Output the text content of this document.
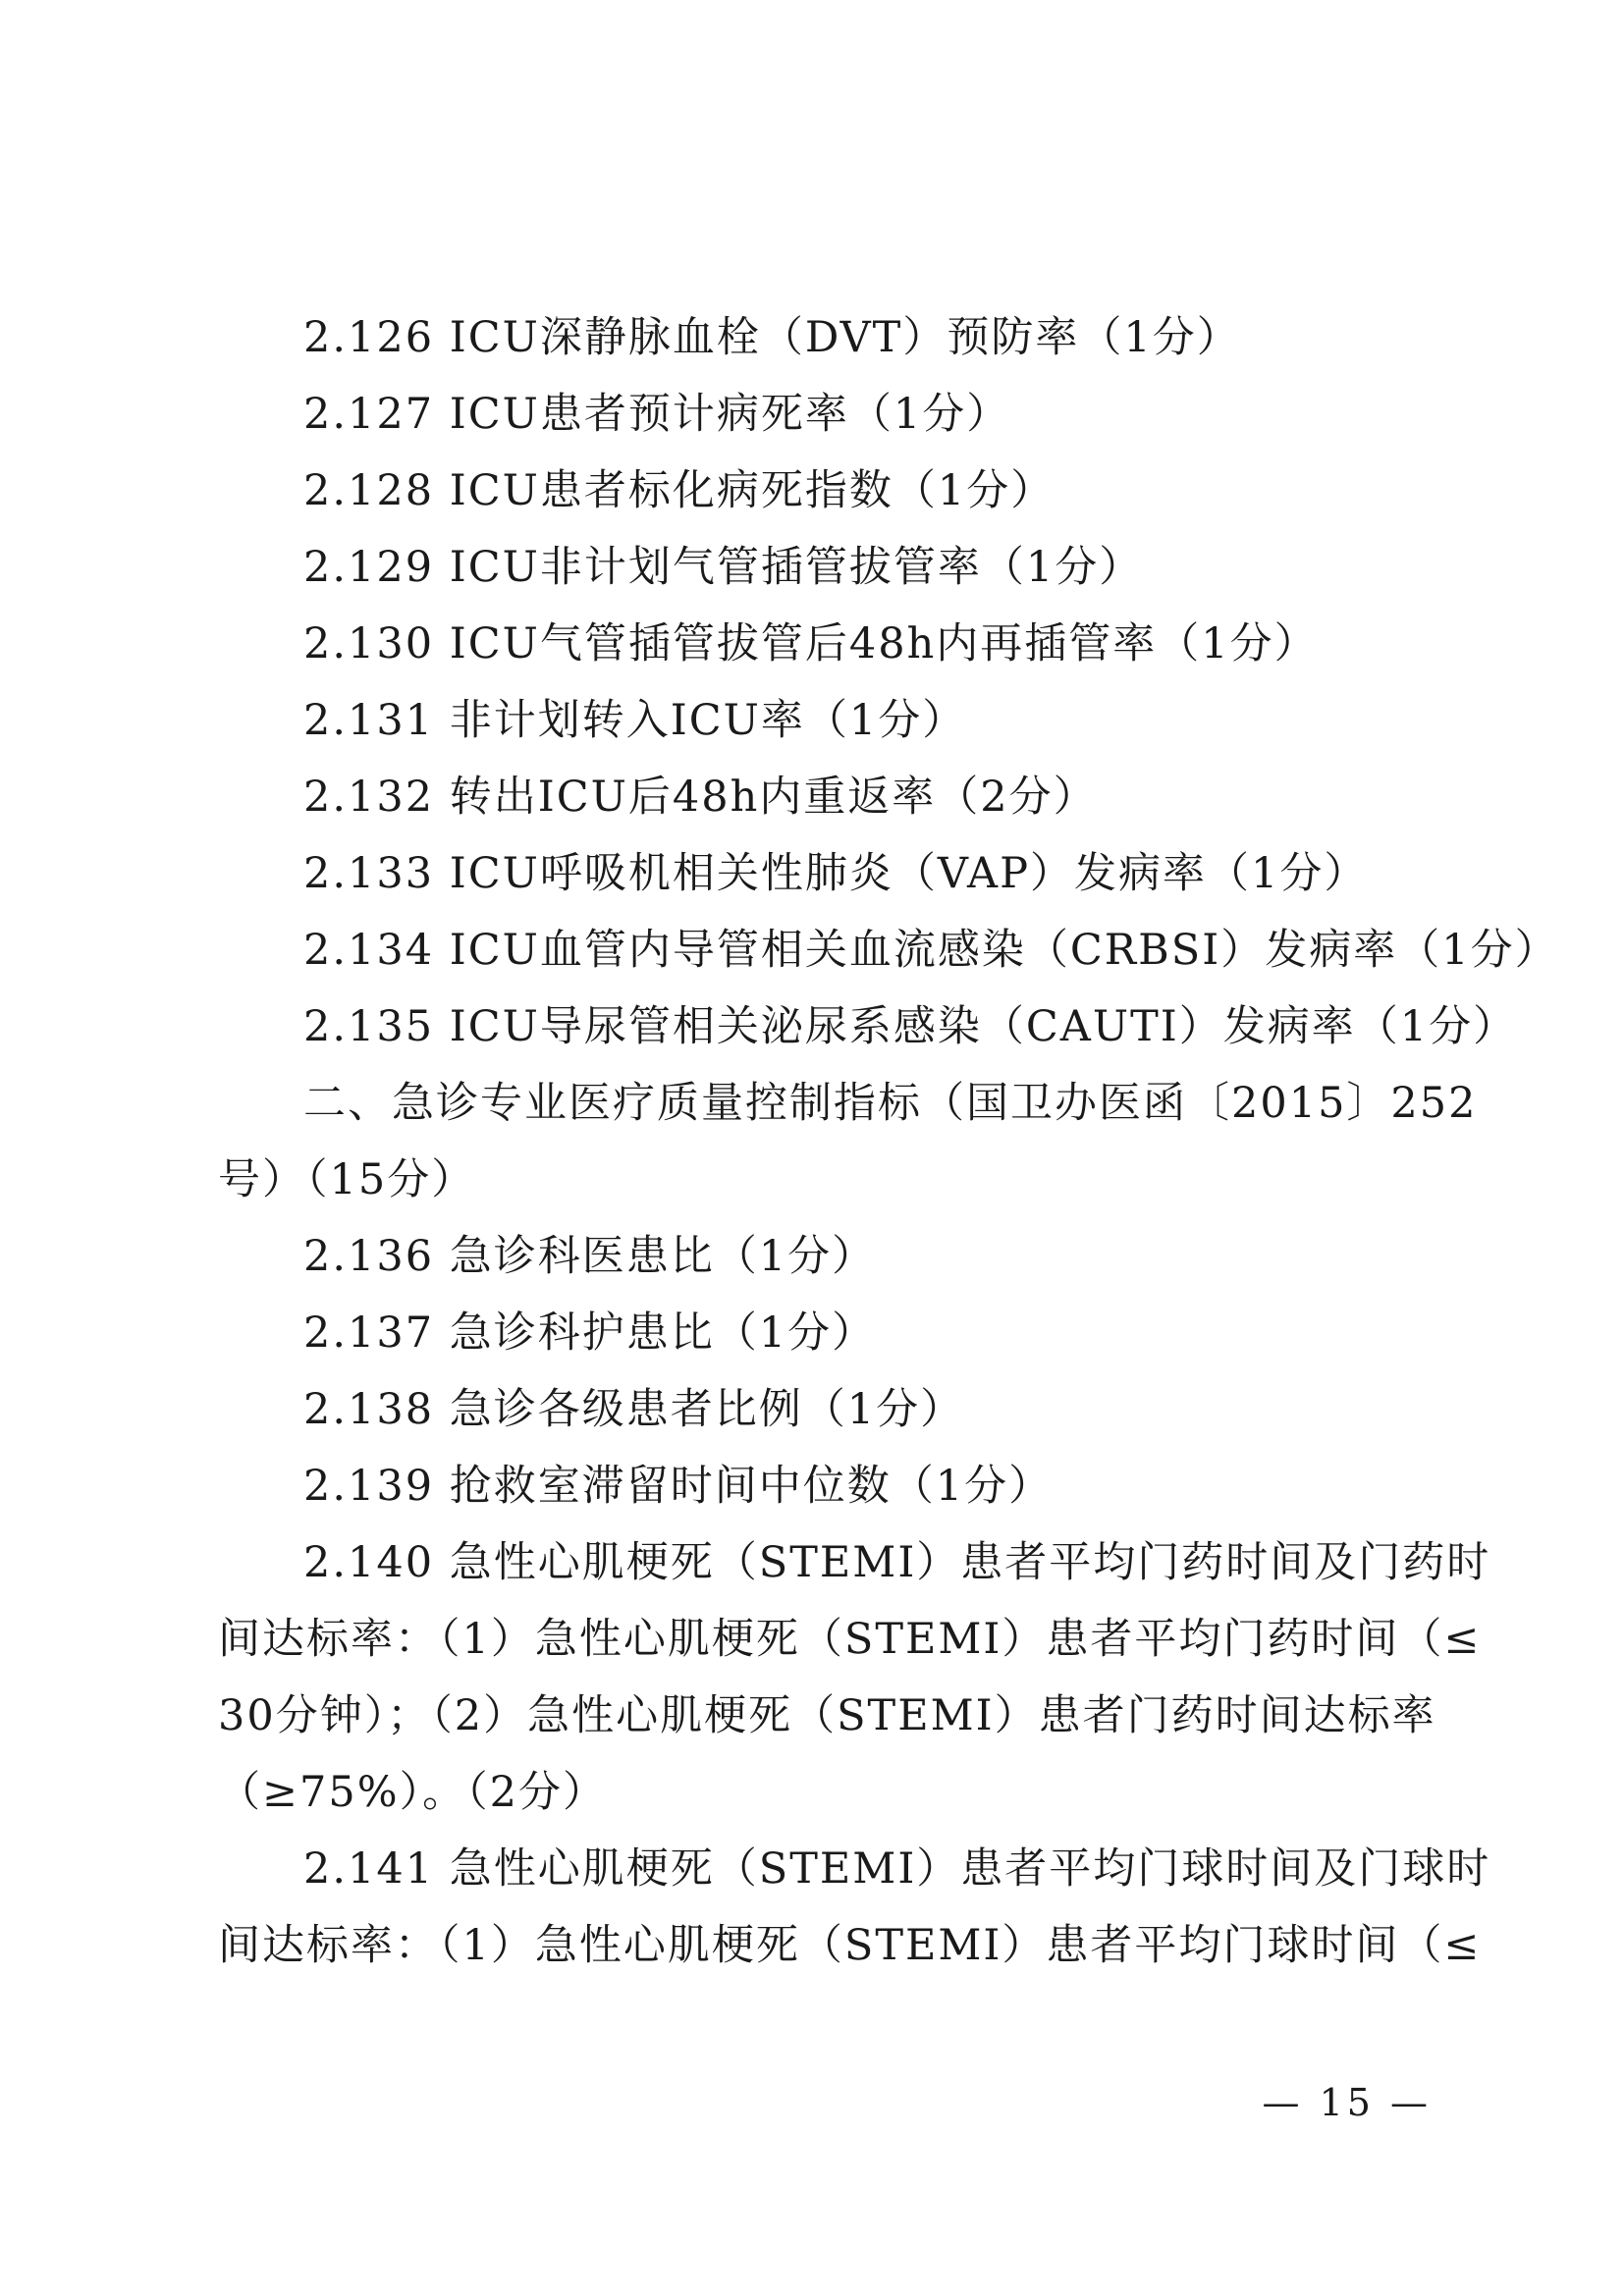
2.126 ICU深静脉血栓（DVT）预防率（1分）
2.127 ICU患者预计病死率（1分）
2.128 ICU患者标化病死指数（1分）
2.129 ICU非计划气管插管拔管率（1分）
2.130 ICU气管插管拔管后48h内再插管率（1分）
2.131 非计划转入ICU率（1分）
2.132 转出ICU后48h内重返率（2分）
2.133 ICU呼吸机相关性肺炎（VAP）发病率（1分）
2.134 ICU血管内导管相关血流感染（CRBSI）发病率（1分）
2.135 ICU导尿管相关泌尿系感染（CAUTI）发病率（1分）
二、急诊专业医疗质量控制指标（国卫办医函〔2015〕252
号）（15分）
2.136 急诊科医患比（1分）
2.137 急诊科护患比（1分）
2.138 急诊各级患者比例（1分）
2.139 抢救室滞留时间中位数（1分）
2.140 急性心肌梗死（STEMI）患者平均门药时间及门药时
间达标率：（1）急性心肌梗死（STEMI）患者平均门药时间（≤
30分钟）；（2）急性心肌梗死（STEMI）患者门药时间达标率
（≥75%）。（2分）
2.141 急性心肌梗死（STEMI）患者平均门球时间及门球时
间达标率：（1）急性心肌梗死（STEMI）患者平均门球时间（≤
— 15 —
